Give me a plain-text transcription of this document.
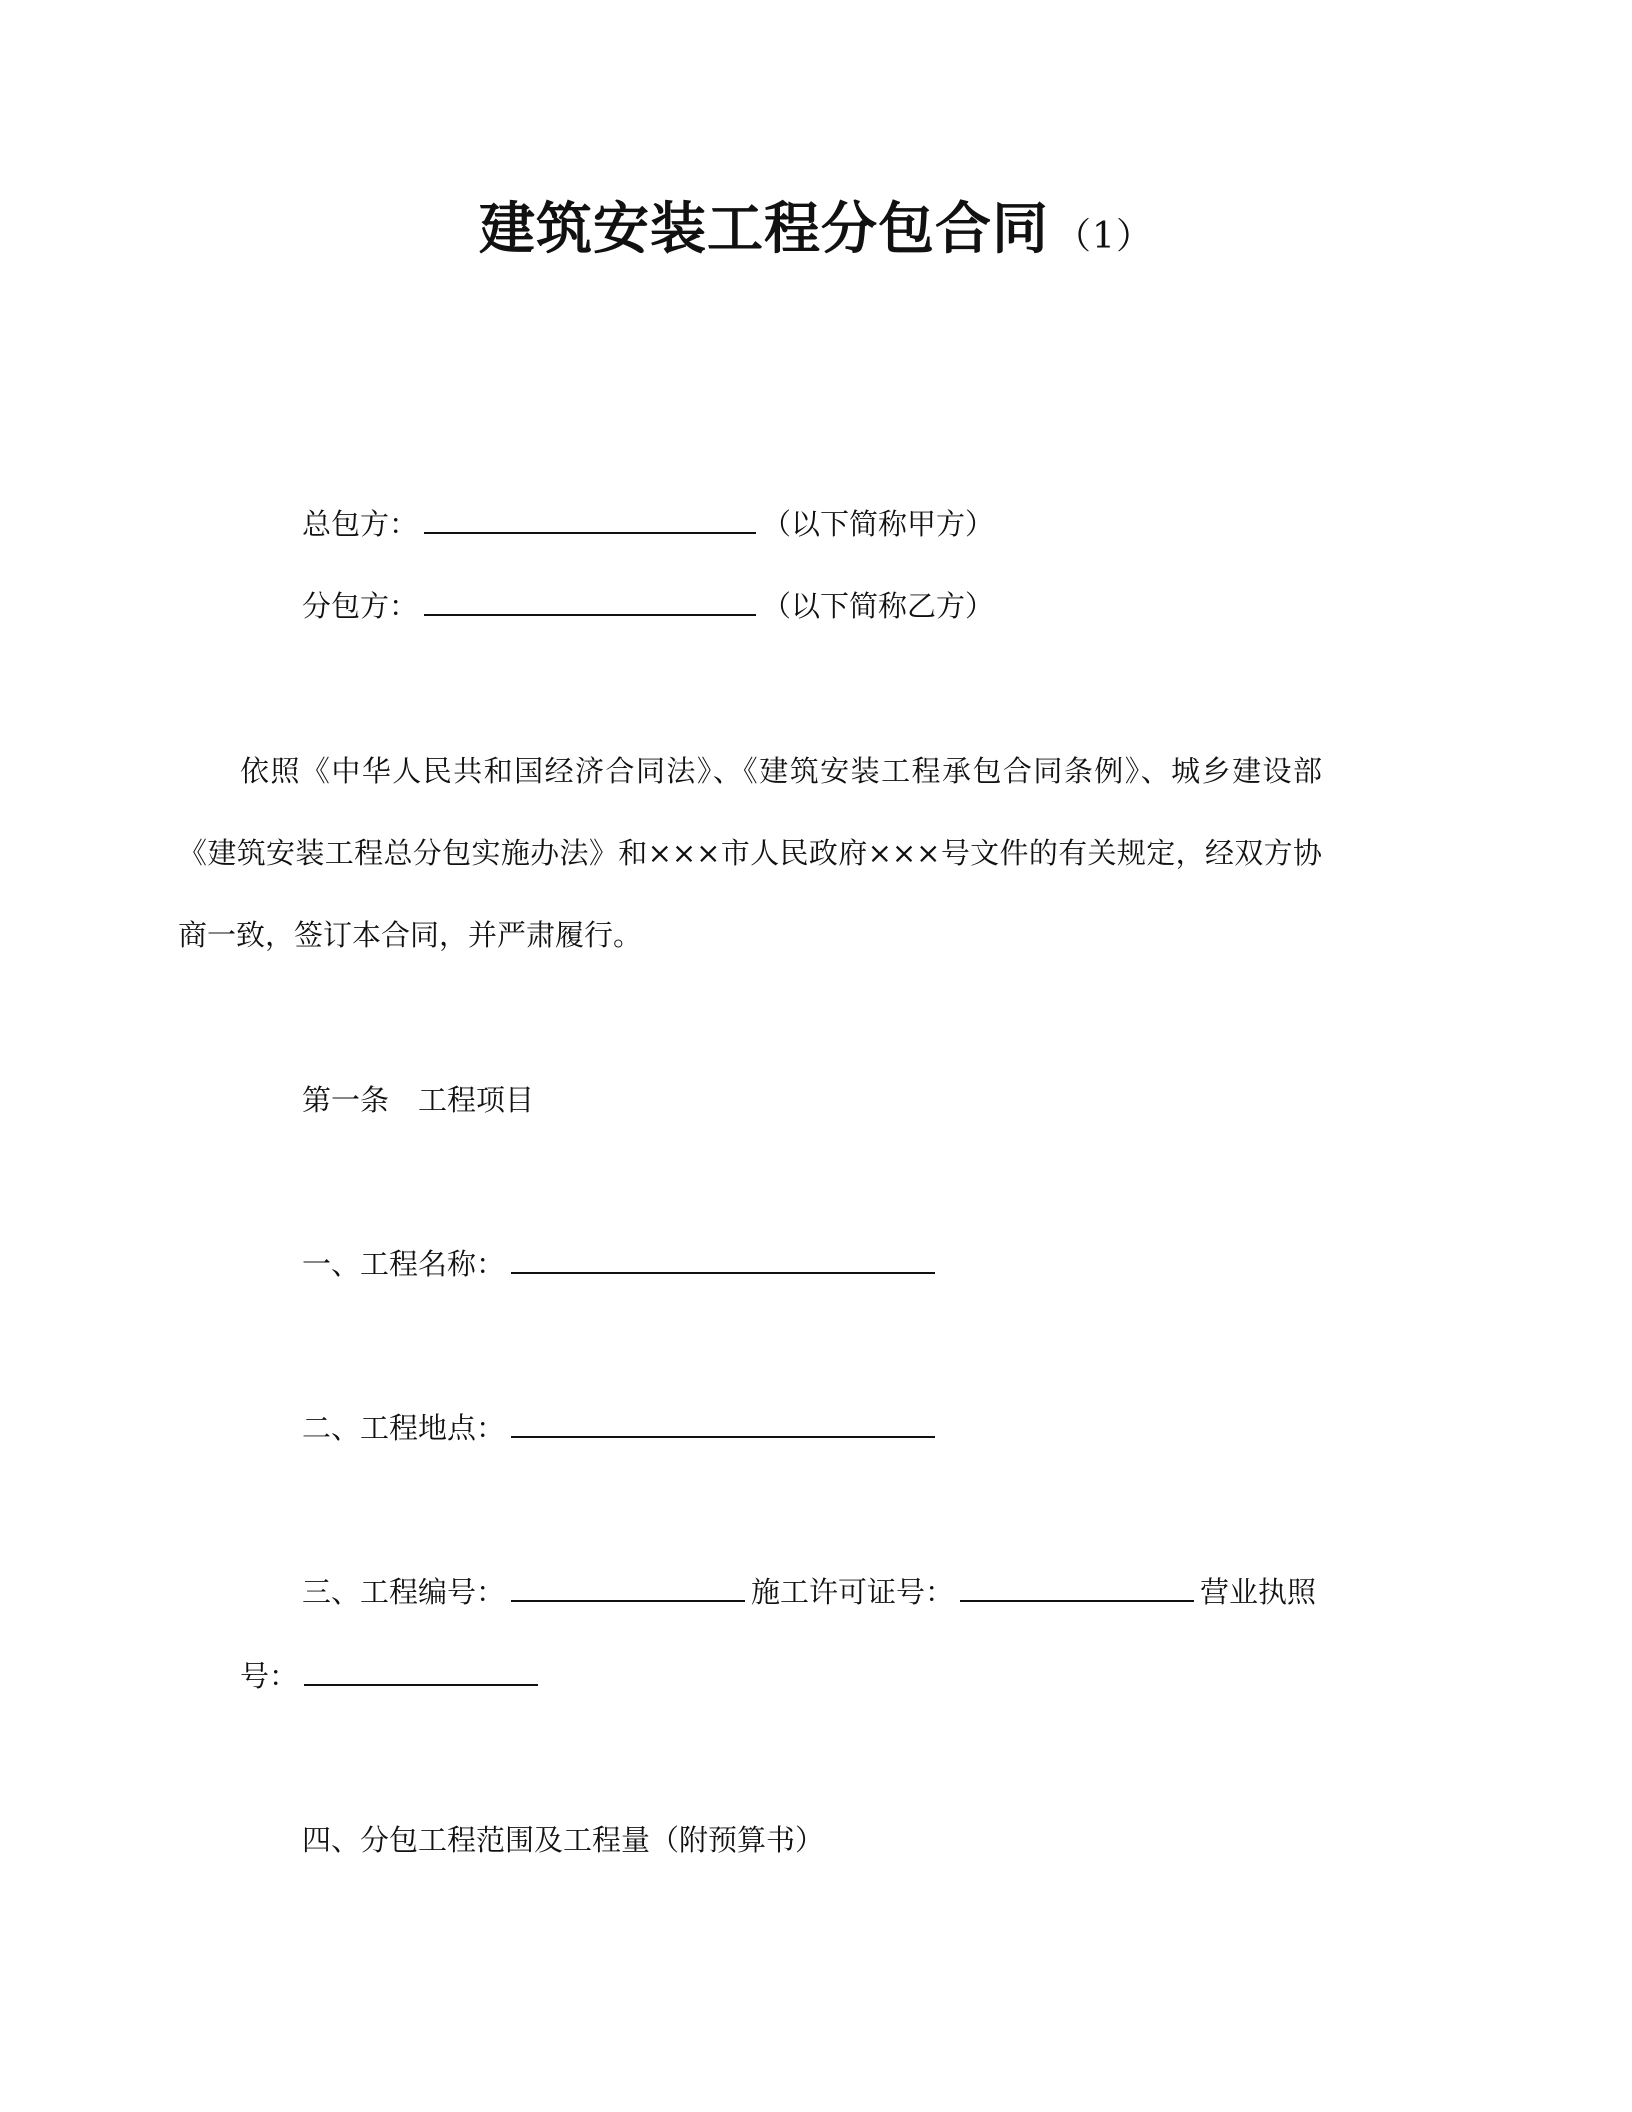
建筑安装工程分包合同 （1）
总包方：	（以下简称甲方）
分包方：	（以下简称乙方）
依照《中华人民共和国经济合同法》、《建筑安装工程承包合同条例》、城乡建设部《建筑安装工程总分包实施办法》和×××市人民政府×××号文件的有关规定，经双方协商一致，签订本合同，并严肃履行。
第一条　工程项目
一、工程名称：
二、工程地点：
三、工程编号：	施工许可证号：	营业执照
号：
四、分包工程范围及工程量（附预算书）
